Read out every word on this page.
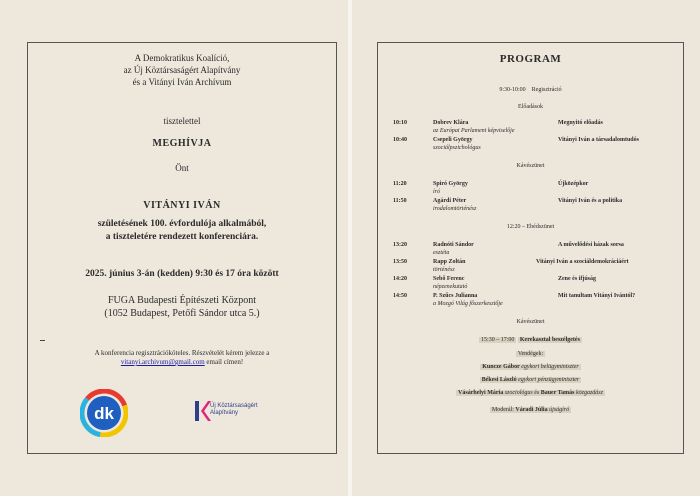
A Demokratikus Koalíció,
az Új Köztársaságért Alapítvány
és a Vitányi Iván Archívum
tisztelettel
MEGHÍVJA
Önt
VITÁNYI IVÁN
születésének 100. évfordulója alkalmából,
a tiszteletére rendezett konferenciára.
2025. június 3-án (kedden) 9:30 és 17 óra között
FUGA Budapesti Építészeti Központ
(1052 Budapest, Petőfi Sándor utca 5.)
A konferencia regisztrációköteles. Részvételét kérem jelezze a
vitanyi.archivum@gmail.com email címen!
dk	Új Köztársaságért
Alapítvány
PROGRAM
9:30-10:00    Regisztráció
Előadások
10:10	Dobrev Klára	Megnyitó előadás
az Európai Parlament képviselője
10:40	Csepeli György	Vitányi Iván a társadalomtudós
szociálpszichológus
Kávészünet
11:20	Spiró György	Újközépkor
író
11:50	Agárdi Péter	Vitányi Iván és a politika
irodalomtörténész
12:20 – Ebédszünet
13:20	Radnóti Sándor	A művelődési házak sorsa
esztéta
13:50	Rapp Zoltán	Vitányi Iván a szociáldemokráciáért
történész
14:20	Sebő Ferenc	Zene és ifjúság
népzenekutató
14:50	P. Szűcs Julianna	Mit tanultam Vitányi Ivántól?
a Mozgó Világ főszerkesztője
Kávészünet
15:30 – 17:00 Kerekasztal beszélgetés
Vendégek:
Kuncze Gábor egykori belügyminiszter
Békesi László egykori pénzügyminiszter
Vásárhelyi Mária szociológus és Bauer Tamás közgazdász
Moderál: Váradi Júlia újságíró
